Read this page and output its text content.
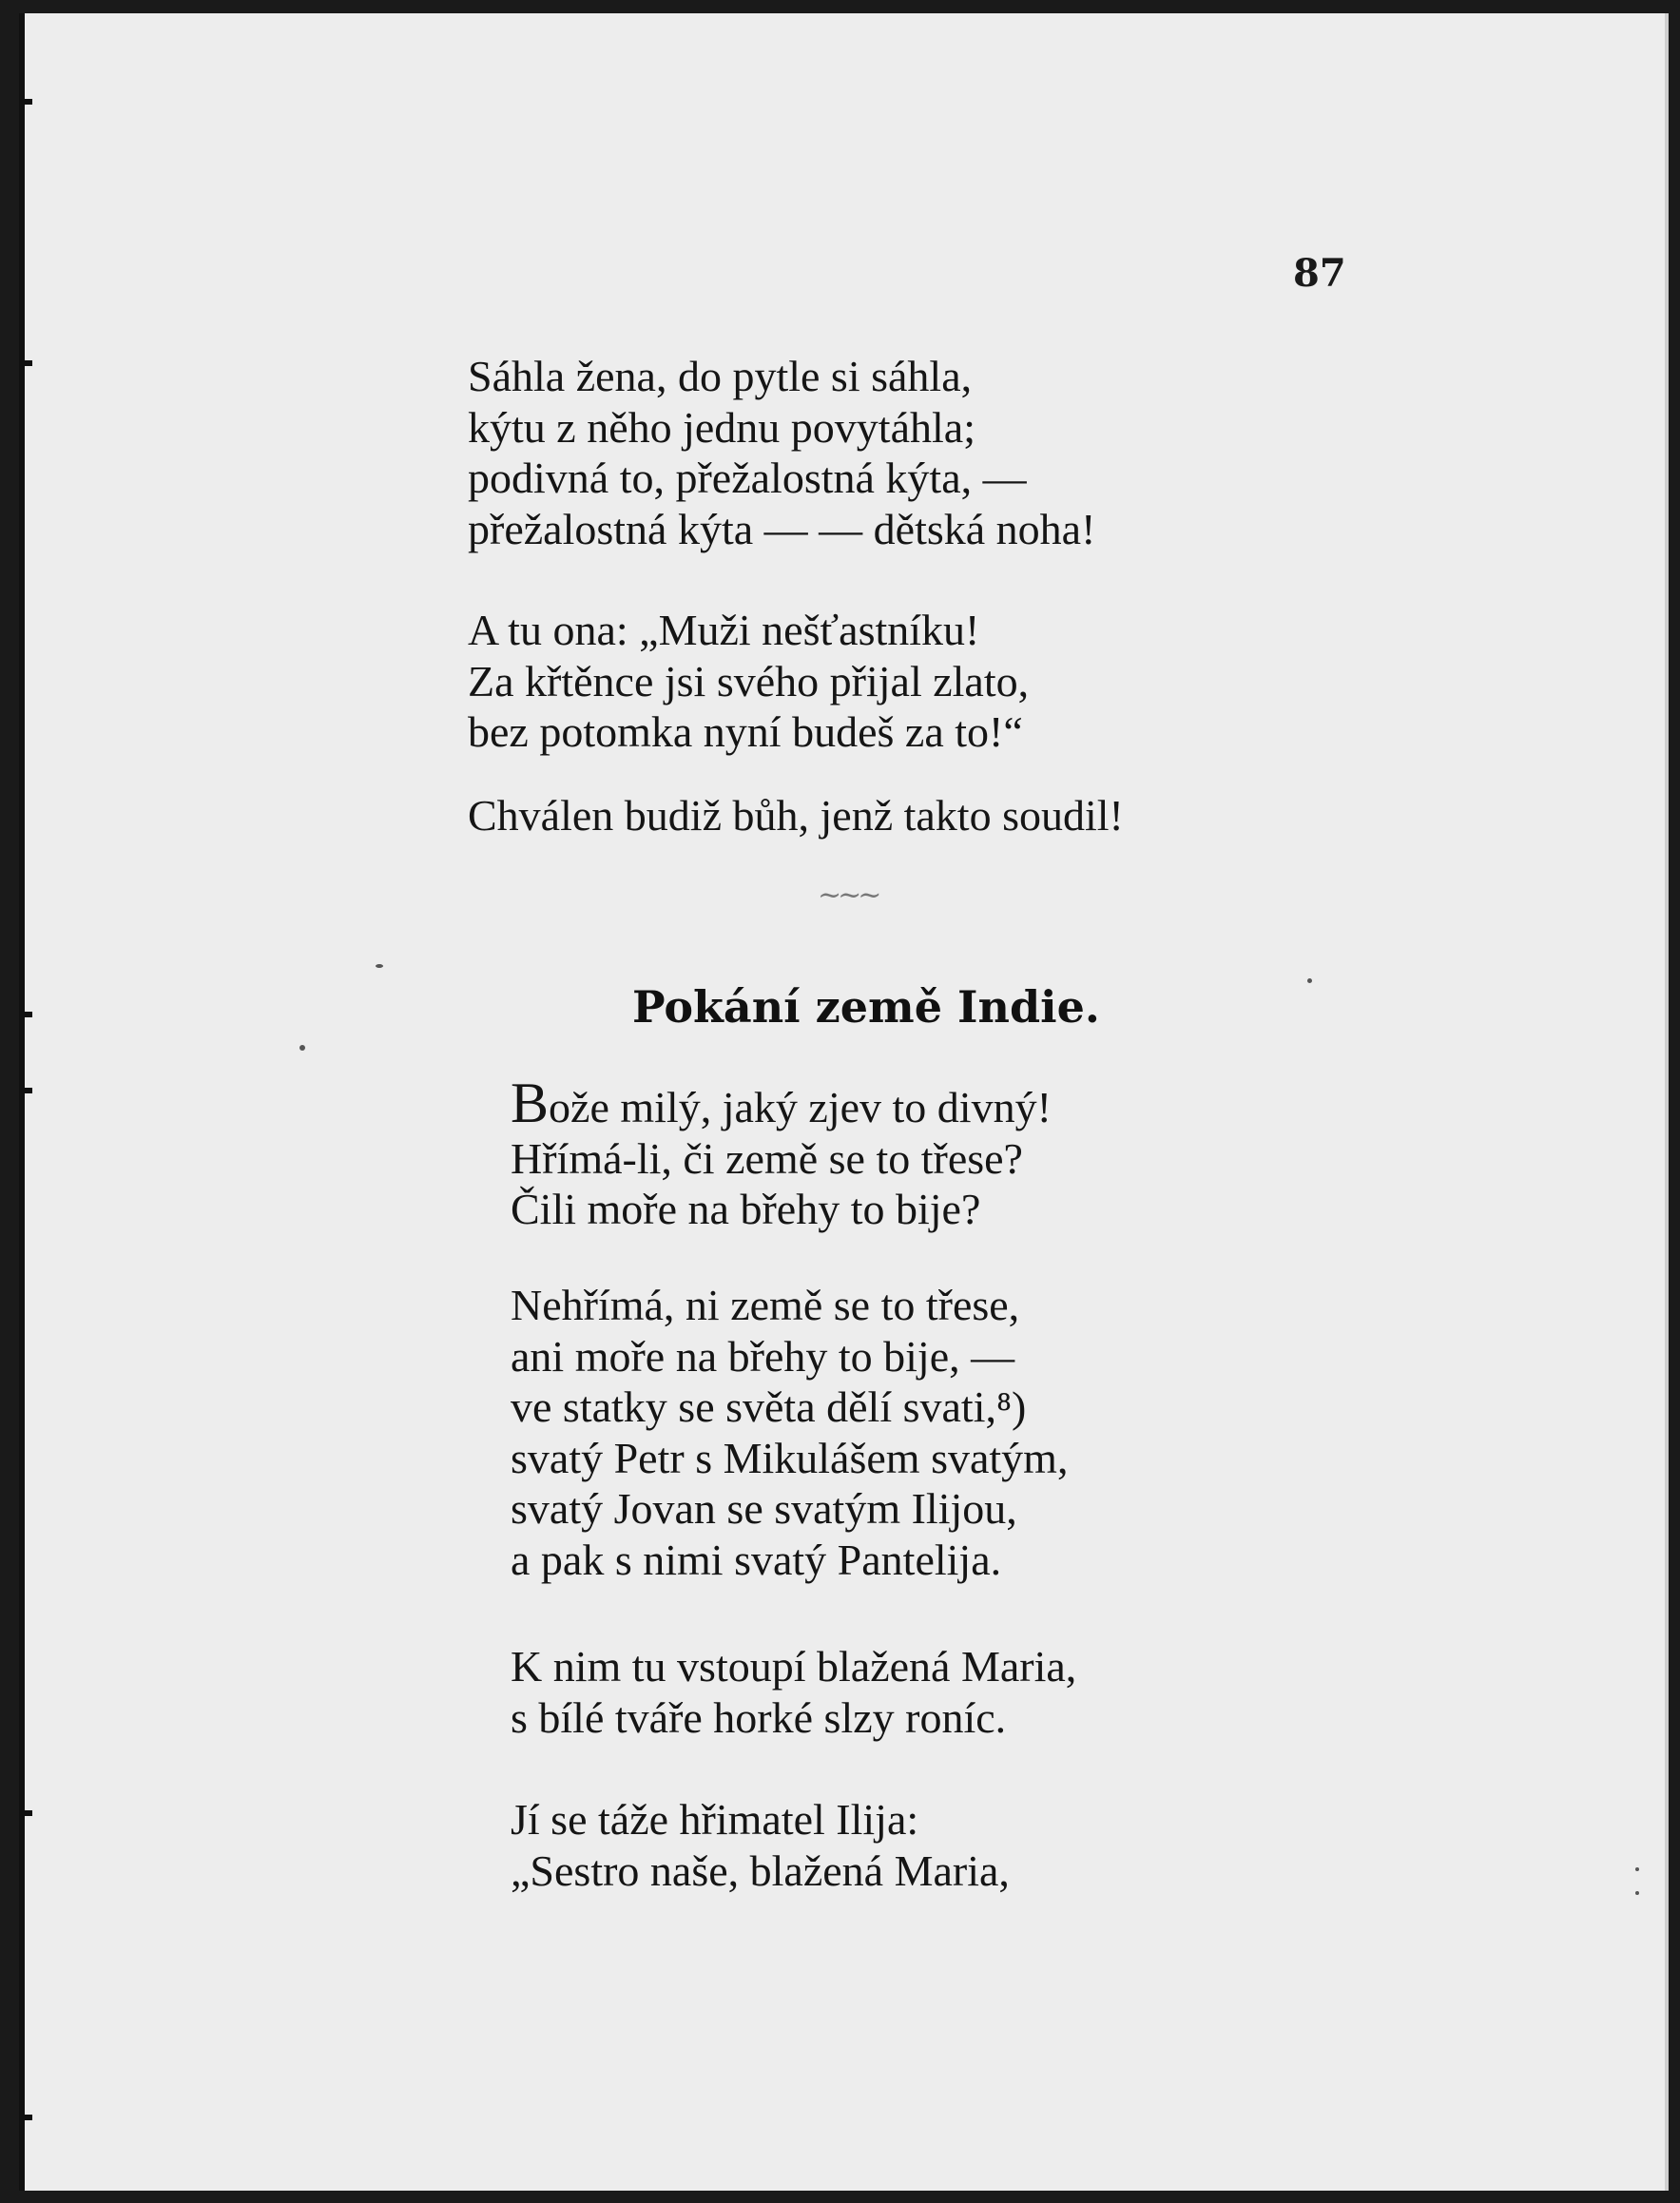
87
Sáhla žena, do pytle si sáhla,
kýtu z něho jednu povytáhla;
podivná to, přežalostná kýta, —
přežalostná kýta — — dětská noha!
A tu ona: „Muži nešťastníku!
Za křtěnce jsi svého přijal zlato,
bez potomka nyní budeš za to!“
Chválen budiž bůh, jenž takto soudil!
~~~
Pokání země Indie.
Bože milý, jaký zjev to divný!
Hřímá-li, či země se to třese?
Čili moře na břehy to bije?
Nehřímá, ni země se to třese,
ani moře na břehy to bije, —
ve statky se světa dělí svati,⁸)
svatý Petr s Mikulášem svatým,
svatý Jovan se svatým Ilijou,
a pak s nimi svatý Pantelija.
K nim tu vstoupí blažená Maria,
s bílé tváře horké slzy roníc.
Jí se táže hřimatel Ilija:
„Sestro naše, blažená Maria,
